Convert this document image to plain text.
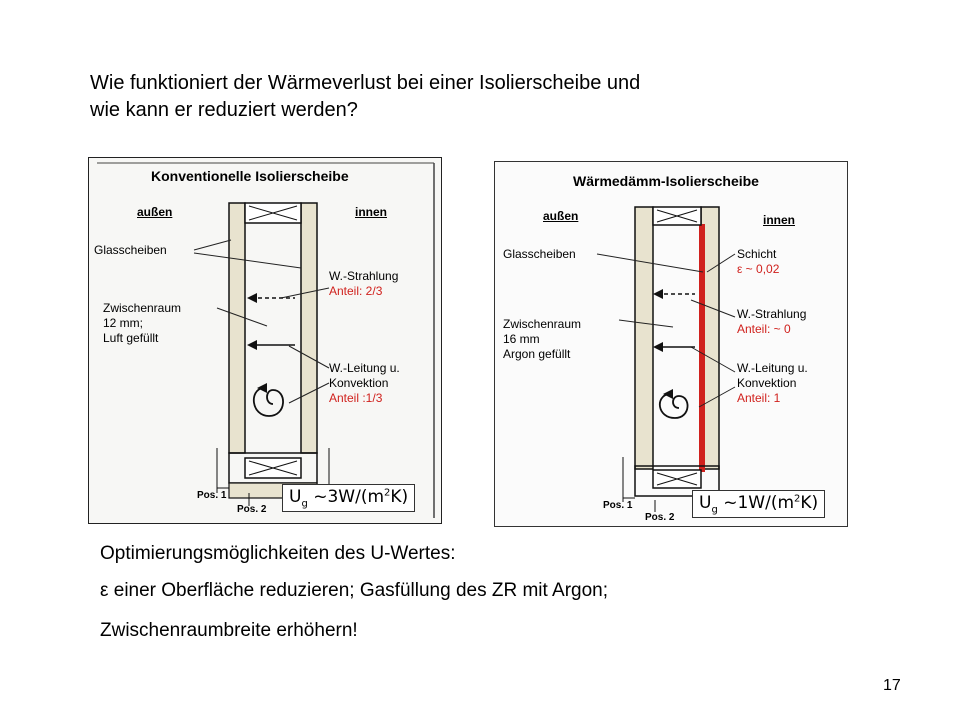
Wie funktioniert der Wärmeverlust bei einer Isolierscheibe und
wie kann er reduziert werden?
Konventionelle Isolierscheibe
außen	innen
Glasscheiben
Zwischenraum
12 mm;
Luft gefüllt
W.-Strahlung
Anteil: 2/3
W.-Leitung u.
Konvektion
Anteil :1/3
Pos. 1
Pos. 2
$U_g$ $\sim 3W/(m^2K)$
Wärmedämm-Isolierscheibe
außen	innen
Glasscheiben	Schicht
ε ~ 0,02
Zwischenraum
16 mm
Argon gefüllt
W.-Strahlung
Anteil: ~ 0
W.-Leitung u.
Konvektion
Anteil: 1
Pos. 1
Pos. 2
$U_g$ $\sim 1W/(m^2K)$
Optimierungsmöglichkeiten des U-Wertes:
ε einer Oberfläche reduzieren; Gasfüllung des ZR mit Argon;
Zwischenraumbreite erhöhern!
17
